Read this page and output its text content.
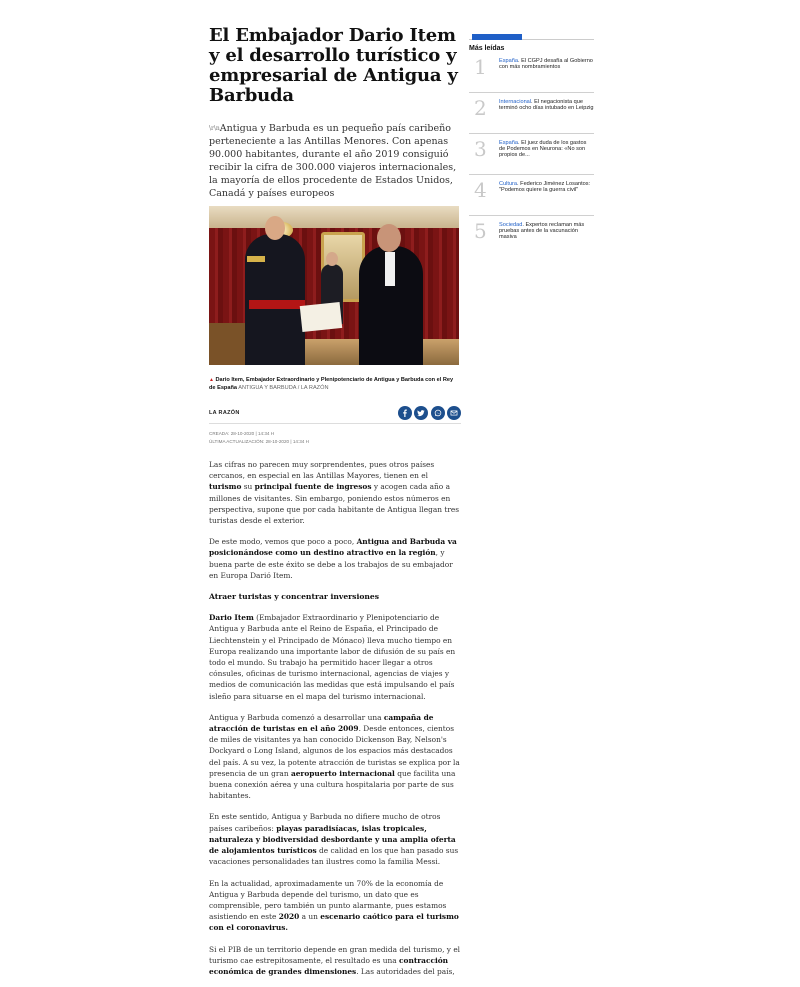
El Embajador Dario Item y el desarrollo turístico y empresarial de Antigua y Barbuda

$^{\backslash r\backslash n}$Antigua y Barbuda es un pequeño país caribeño perteneciente a las Antillas Menores. Con apenas 90.000 habitantes, durante el año 2019 consiguió recibir la cifra de 300.000 viajeros internacionales, la mayoría de ellos procedente de Estados Unidos, Canadá y países europeos

▲ Dario Item, Embajador Extraordinario y Plenipotenciario de Antigua y Barbuda con el Rey de España ANTIGUA Y BARBUDA / LA RAZÓN

LA RAZÓN
CREADA: 28-10-2020 | 14:34 H
ÚLTIMA ACTUALIZACIÓN: 28-10-2020 | 14:34 H

Las cifras no parecen muy sorprendentes, pues otros países cercanos, en especial en las Antillas Mayores, tienen en el turismo su principal fuente de ingresos y acogen cada año a millones de visitantes. Sin embargo, poniendo estos números en perspectiva, supone que por cada habitante de Antigua llegan tres turistas desde el exterior.

De este modo, vemos que poco a poco, Antigua and Barbuda va posicionándose como un destino atractivo en la región, y buena parte de este éxito se debe a los trabajos de su embajador en Europa Darió Item.

Atraer turistas y concentrar inversiones

Dario Item (Embajador Extraordinario y Plenipotenciario de Antigua y Barbuda ante el Reino de España, el Principado de Liechtenstein y el Principado de Mónaco) lleva mucho tiempo en Europa realizando una importante labor de difusión de su país en todo el mundo. Su trabajo ha permitido hacer llegar a otros cónsules, oficinas de turismo internacional, agencias de viajes y medios de comunicación las medidas que está impulsando el país isleño para situarse en el mapa del turismo internacional.

Antigua y Barbuda comenzó a desarrollar una campaña de atracción de turistas en el año 2009. Desde entonces, cientos de miles de visitantes ya han conocido Dickenson Bay, Nelson's Dockyard o Long Island, algunos de los espacios más destacados del país. A su vez, la potente atracción de turistas se explica por la presencia de un gran aeropuerto internacional que facilita una buena conexión aérea y una cultura hospitalaria por parte de sus habitantes.

En este sentido, Antigua y Barbuda no difiere mucho de otros países caribeños: playas paradisíacas, islas tropicales, naturaleza y biodiversidad desbordante y una amplia oferta de alojamientos turísticos de calidad en los que han pasado sus vacaciones personalidades tan ilustres como la familia Messi.

En la actualidad, aproximadamente un 70% de la economía de Antigua y Barbuda depende del turismo, un dato que es comprensible, pero también un punto alarmante, pues estamos asistiendo en este 2020 a un escenario caótico para el turismo con el coronavirus.

Si el PIB de un territorio depende en gran medida del turismo, y el turismo cae estrepitosamente, el resultado es una contracción económica de grandes dimensiones. Las autoridades del país,

Más leídas
1	España. El CGPJ desafía al Gobierno con más nombramientos
2	Internacional. El negacionista que terminó ocho días intubado en Leipzig
3	España. El juez duda de los gastos de Podemos en Neurona: «No son propios de...
4	Cultura. Federico Jiménez Losantos: "Podemos quiere la guerra civil"
5	Sociedad. Expertos reclaman más pruebas antes de la vacunación masiva
